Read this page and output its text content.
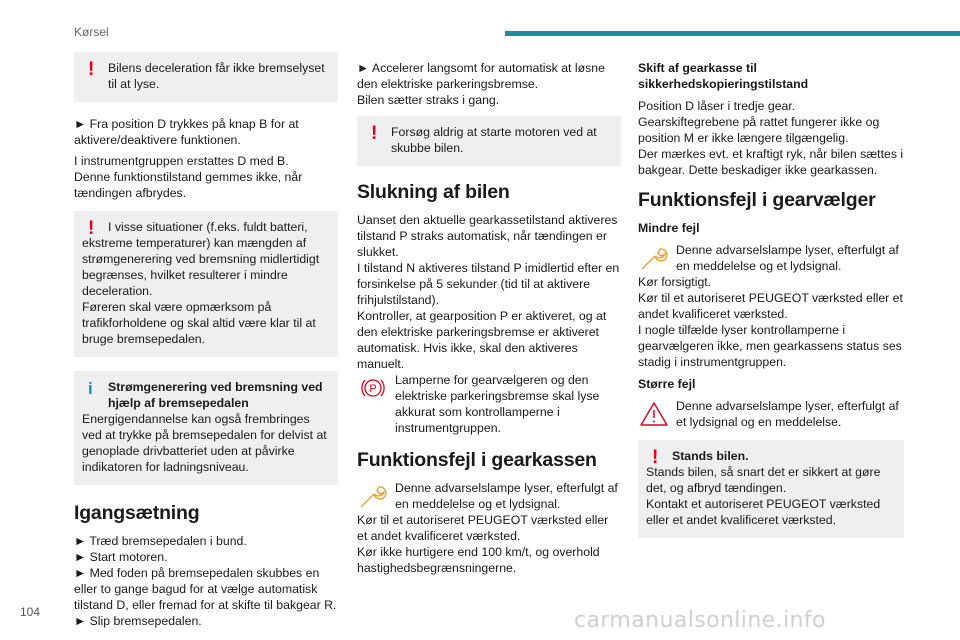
Kørsel
!	Bilens deceleration får ikke bremselyset til at lyse.

► Fra position D trykkes på knap B for at aktivere/deaktivere funktionen.

I instrumentgruppen erstattes D med B.

Denne funktionstilstand gemmes ikke, når tændingen afbrydes.

!	I visse situationer (f.eks. fuldt batteri,

ekstreme temperaturer) kan mængden af strømgenerering ved bremsning midlertidigt begrænses, hvilket resulterer i mindre deceleration.

Føreren skal være opmærksom på trafikforholdene og skal altid være klar til at bruge bremsepedalen.

i	Strømgenerering ved bremsning ved hjælp af bremsepedalen

Energigendannelse kan også frembringes ved at trykke på bremsepedalen for delvist at genoplade drivbatteriet uden at påvirke indikatoren for ladningsniveau.

Igangsætning

► Træd bremsepedalen i bund.

► Start motoren.

► Med foden på bremsepedalen skubbes en eller to gange bagud for at vælge automatisk tilstand D, eller fremad for at skifte til bakgear R.

► Slip bremsepedalen.

► Accelerer langsomt for automatisk at løsne den elektriske parkeringsbremse.

Bilen sætter straks i gang.

!	Forsøg aldrig at starte motoren ved at skubbe bilen.

Slukning af bilen

Uanset den aktuelle gearkassetilstand aktiveres tilstand P straks automatisk, når tændingen er slukket.

I tilstand N aktiveres tilstand P imidlertid efter en forsinkelse på 5 sekunder (tid til at aktivere frihjulstilstand).

Kontroller, at gearposition P er aktiveret, og at den elektriske parkeringsbremse er aktiveret automatisk. Hvis ikke, skal den aktiveres manuelt.

P

Lamperne for gearvælgeren og den elektriske parkeringsbremse skal lyse akkurat som kontrollamperne i instrumentgruppen.

Funktionsfejl i gearkassen

Denne advarselslampe lyser, efterfulgt af en meddelelse og et lydsignal.

Kør til et autoriseret PEUGEOT værksted eller et andet kvalificeret værksted.

Kør ikke hurtigere end 100 km/t, og overhold hastighedsbegrænsningerne.

Skift af gearkasse til sikkerhedskopieringstilstand

Position D låser i tredje gear.

Gearskiftegrebene på rattet fungerer ikke og position M er ikke længere tilgængelig.

Der mærkes evt. et kraftigt ryk, når bilen sættes i bakgear. Dette beskadiger ikke gearkassen.

Funktionsfejl i gearvælger
Mindre fejl

Denne advarselslampe lyser, efterfulgt af en meddelelse og et lydsignal.

Kør forsigtigt.

Kør til et autoriseret PEUGEOT værksted eller et andet kvalificeret værksted.

I nogle tilfælde lyser kontrollamperne i gearvælgeren ikke, men gearkassens status ses stadig i instrumentgruppen.

Større fejl

Denne advarselslampe lyser, efterfulgt af et lydsignal og en meddelelse.

!	Stands bilen.

Stands bilen, så snart det er sikkert at gøre det, og afbryd tændingen.

Kontakt et autoriseret PEUGEOT værksted eller et andet kvalificeret værksted.

104	carmanualsonline.info
